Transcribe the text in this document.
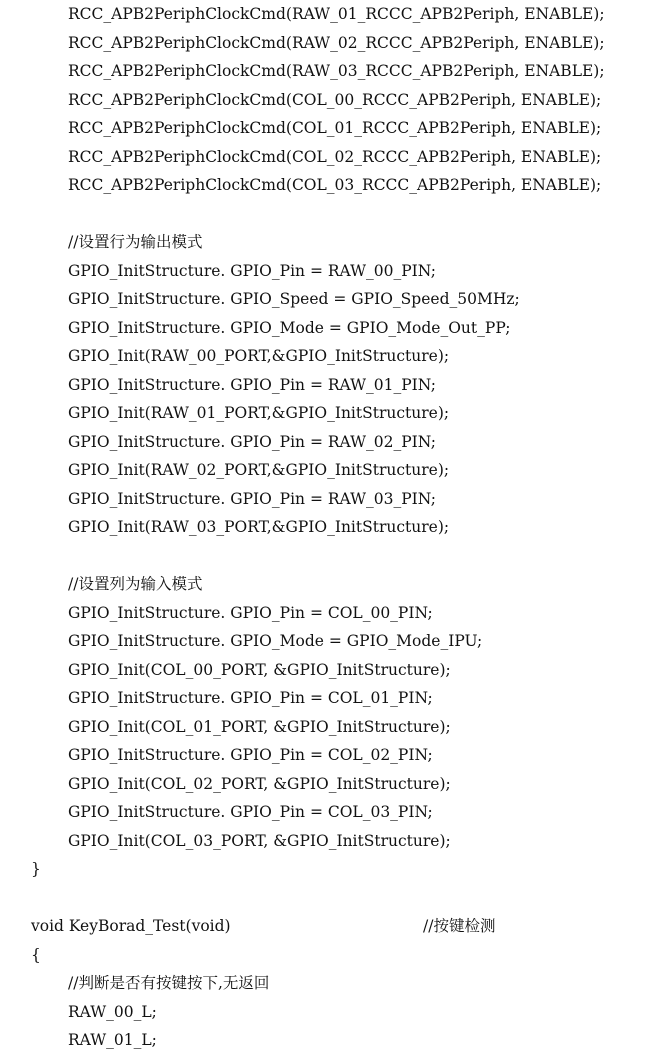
RCC_APB2PeriphClockCmd(RAW_01_RCCC_APB2Periph, ENABLE);
RCC_APB2PeriphClockCmd(RAW_02_RCCC_APB2Periph, ENABLE);
RCC_APB2PeriphClockCmd(RAW_03_RCCC_APB2Periph, ENABLE);
RCC_APB2PeriphClockCmd(COL_00_RCCC_APB2Periph, ENABLE);
RCC_APB2PeriphClockCmd(COL_01_RCCC_APB2Periph, ENABLE);
RCC_APB2PeriphClockCmd(COL_02_RCCC_APB2Periph, ENABLE);
RCC_APB2PeriphClockCmd(COL_03_RCCC_APB2Periph, ENABLE);
//设置行为输出模式
GPIO_InitStructure. GPIO_Pin = RAW_00_PIN;
GPIO_InitStructure. GPIO_Speed = GPIO_Speed_50MHz;
GPIO_InitStructure. GPIO_Mode = GPIO_Mode_Out_PP;
GPIO_Init(RAW_00_PORT,&GPIO_InitStructure);
GPIO_InitStructure. GPIO_Pin = RAW_01_PIN;
GPIO_Init(RAW_01_PORT,&GPIO_InitStructure);
GPIO_InitStructure. GPIO_Pin = RAW_02_PIN;
GPIO_Init(RAW_02_PORT,&GPIO_InitStructure);
GPIO_InitStructure. GPIO_Pin = RAW_03_PIN;
GPIO_Init(RAW_03_PORT,&GPIO_InitStructure);
//设置列为输入模式
GPIO_InitStructure. GPIO_Pin = COL_00_PIN;
GPIO_InitStructure. GPIO_Mode = GPIO_Mode_IPU;
GPIO_Init(COL_00_PORT, &GPIO_InitStructure);
GPIO_InitStructure. GPIO_Pin = COL_01_PIN;
GPIO_Init(COL_01_PORT, &GPIO_InitStructure);
GPIO_InitStructure. GPIO_Pin = COL_02_PIN;
GPIO_Init(COL_02_PORT, &GPIO_InitStructure);
GPIO_InitStructure. GPIO_Pin = COL_03_PIN;
GPIO_Init(COL_03_PORT, &GPIO_InitStructure);
}
void KeyBorad_Test(void)	//按键检测
{
//判断是否有按键按下,无返回
RAW_00_L;
RAW_01_L;
